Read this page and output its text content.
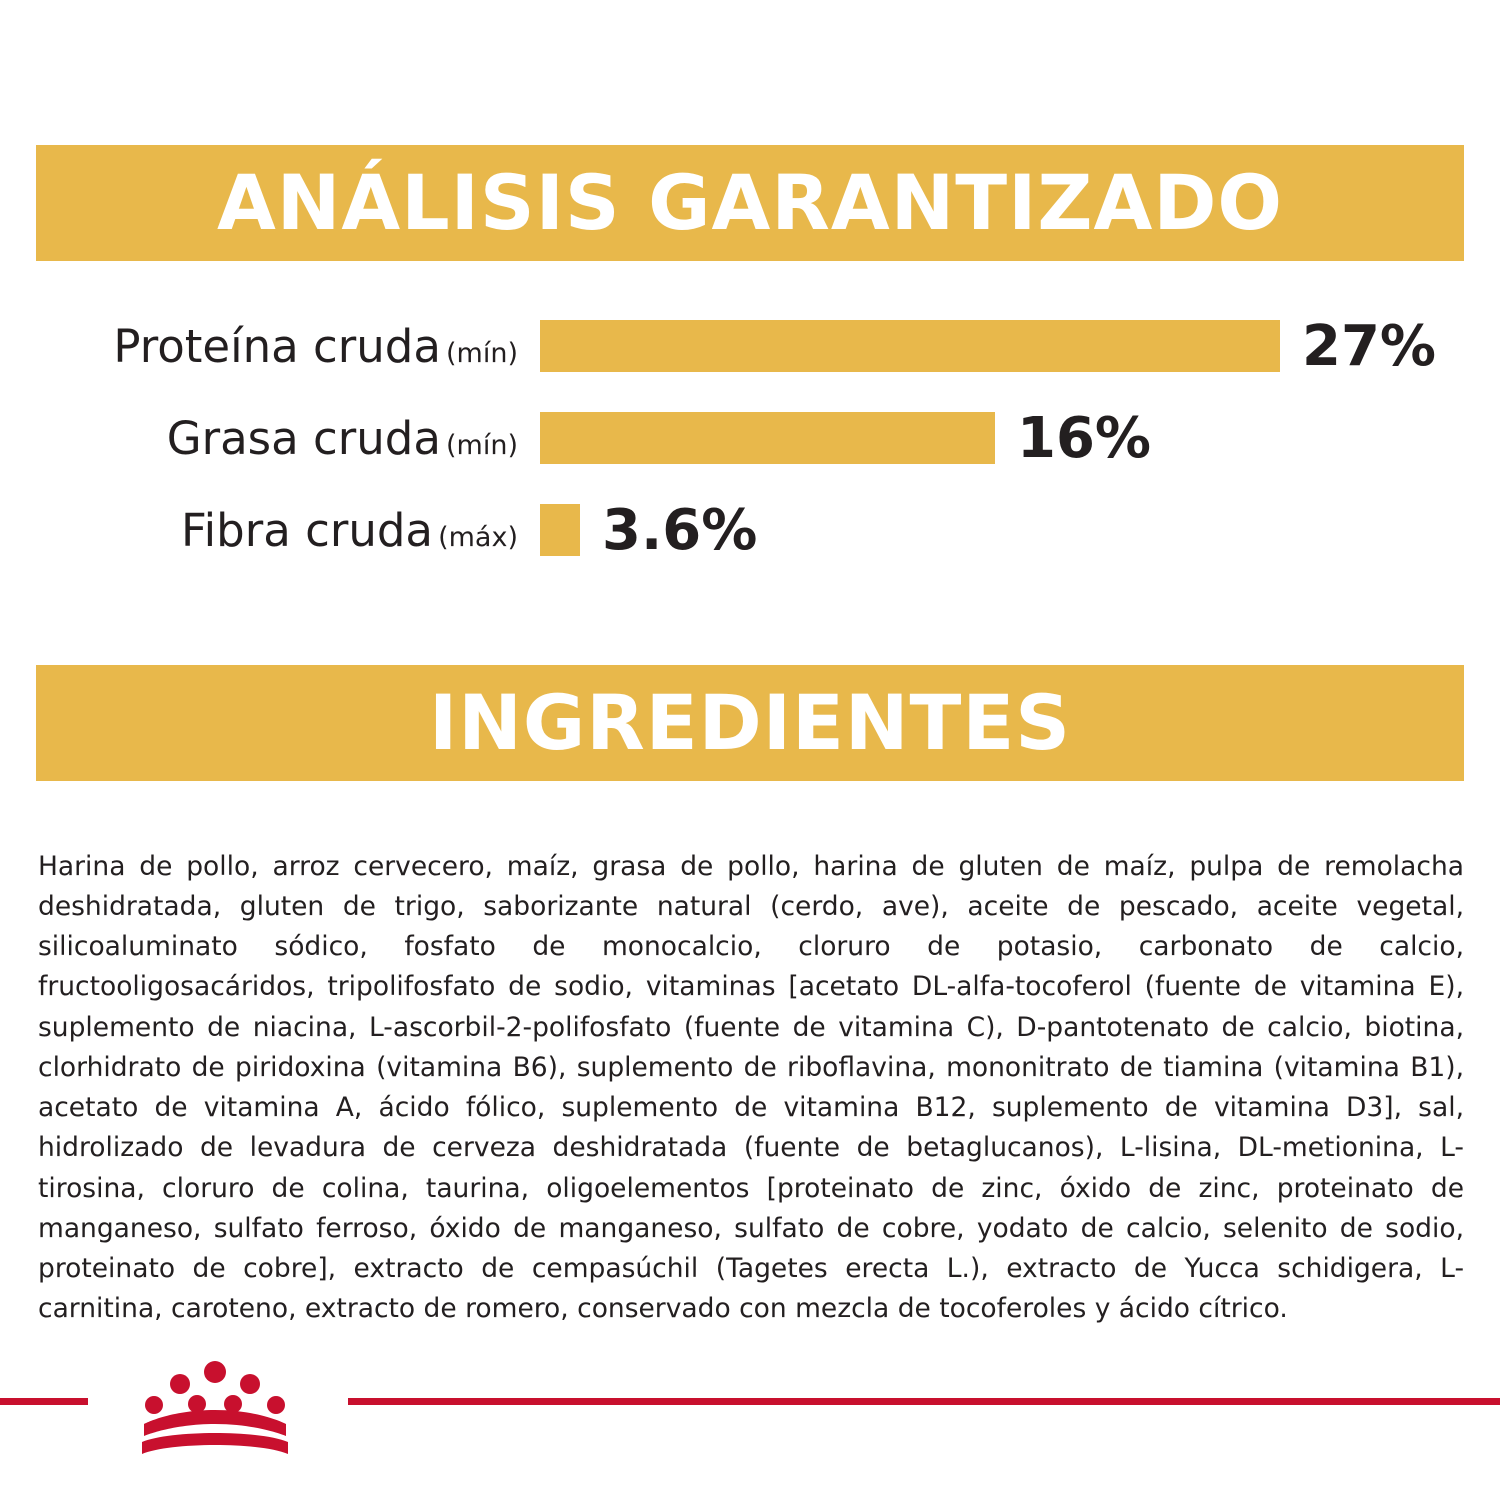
ANÁLISIS GARANTIZADO
Proteína cruda (mín)	27%
Grasa cruda (mín)	16%
Fibra cruda (máx)	3.6%
INGREDIENTES

Harina de pollo, arroz cervecero, maíz, grasa de pollo, harina de gluten de maíz, pulpa de remolacha deshidratada, gluten de trigo, saborizante natural (cerdo, ave), aceite de pescado, aceite vegetal, silicoaluminato sódico, fosfato de monocalcio, cloruro de potasio, carbonato de calcio, fructooligosacáridos, tripolifosfato de sodio, vitaminas [acetato DL-alfa-tocoferol (fuente de vitamina E), suplemento de niacina, L-ascorbil-2-polifosfato (fuente de vitamina C), D-pantotenato de calcio, biotina, clorhidrato de piridoxina (vitamina B6), suplemento de riboflavina, mononitrato de tiamina (vitamina B1), acetato de vitamina A, ácido fólico, suplemento de vitamina B12, suplemento de vitamina D3], sal, hidrolizado de levadura de cerveza deshidratada (fuente de betaglucanos), L-lisina, DL-metionina, L-tirosina, cloruro de colina, taurina, oligoelementos [proteinato de zinc, óxido de zinc, proteinato de manganeso, sulfato ferroso, óxido de manganeso, sulfato de cobre, yodato de calcio, selenito de sodio, proteinato de cobre], extracto de cempasúchil (Tagetes erecta L.), extracto de Yucca schidigera, L-carnitina, caroteno, extracto de romero, conservado con mezcla de tocoferoles y ácido cítrico.
